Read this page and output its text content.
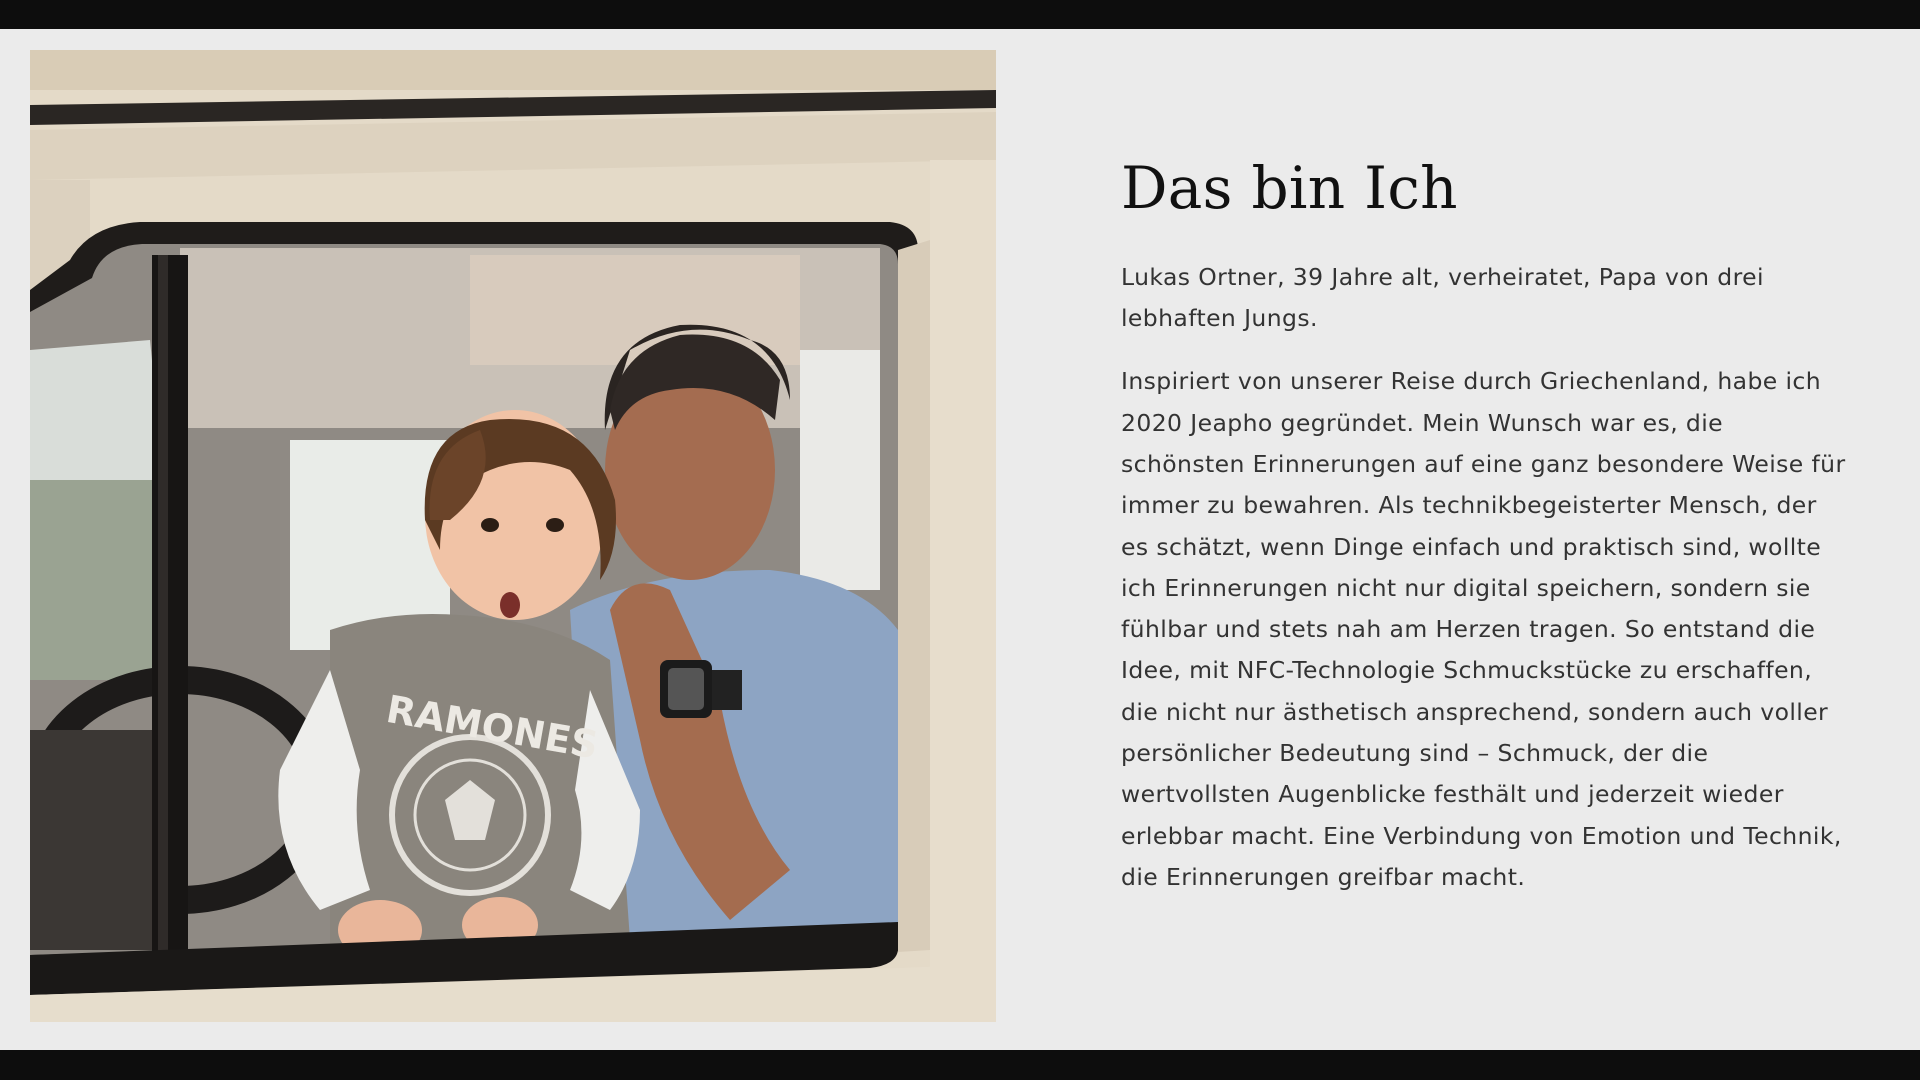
RAMONES
Das bin Ich

Lukas Ortner, 39 Jahre alt, verheiratet, Papa von drei lebhaften Jungs.

Inspiriert von unserer Reise durch Griechenland, habe ich 2020 Jeapho gegründet. Mein Wunsch war es, die schönsten Erinnerungen auf eine ganz besondere Weise für immer zu bewahren. Als technikbegeisterter Mensch, der es schätzt, wenn Dinge einfach und praktisch sind, wollte ich Erinnerungen nicht nur digital speichern, sondern sie fühlbar und stets nah am Herzen tragen. So entstand die Idee, mit NFC-Technologie Schmuckstücke zu erschaffen, die nicht nur ästhetisch ansprechend, sondern auch voller persönlicher Bedeutung sind – Schmuck, der die wertvollsten Augenblicke festhält und jederzeit wieder erlebbar macht. Eine Verbindung von Emotion und Technik, die Erinnerungen greifbar macht.
